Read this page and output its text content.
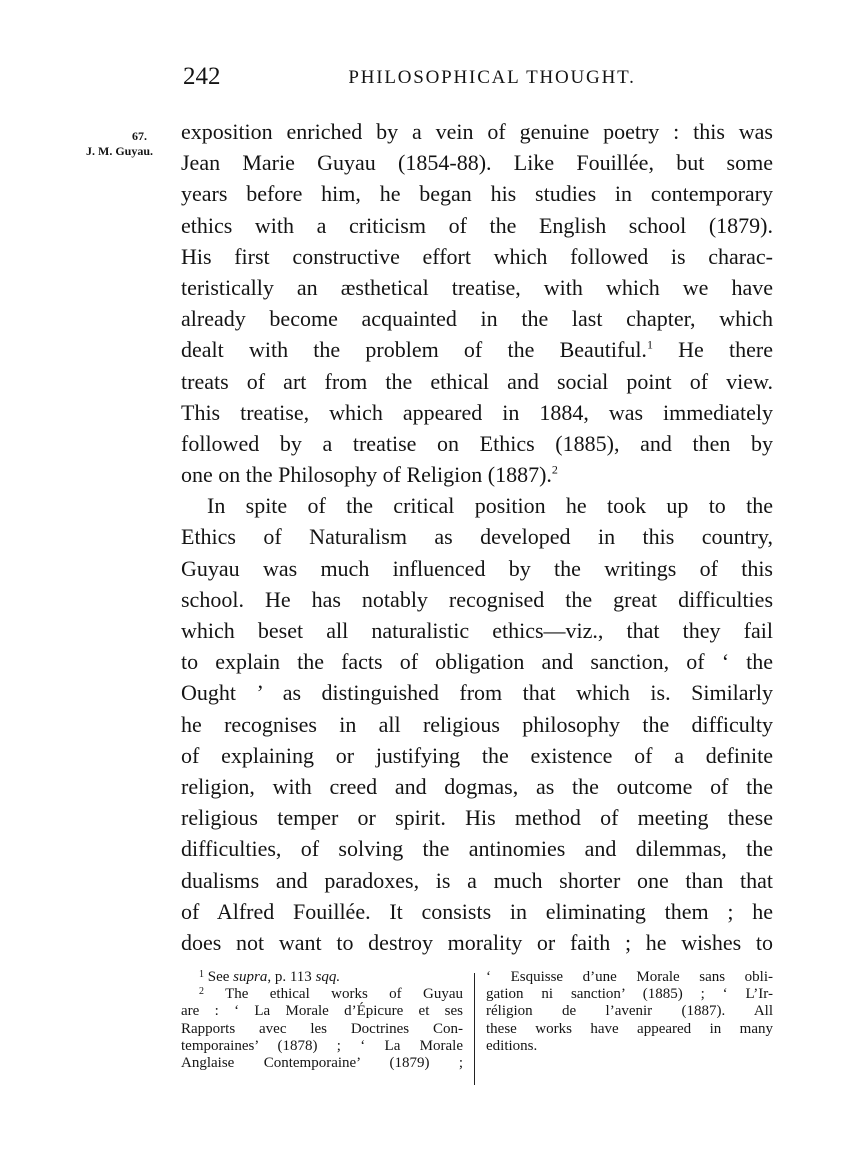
242	PHILOSOPHICAL THOUGHT.
67.
J. M. Guyau.
exposition enriched by a vein of genuine poetry : this was
Jean Marie Guyau (1854-88). Like Fouillée, but some
years before him, he began his studies in contemporary
ethics with a criticism of the English school (1879).
His first constructive effort which followed is charac-
teristically an æsthetical treatise, with which we have
already become acquainted in the last chapter, which
dealt with the problem of the Beautiful.$^1$ He there
treats of art from the ethical and social point of view.
This treatise, which appeared in 1884, was immediately
followed by a treatise on Ethics (1885), and then by
one on the Philosophy of Religion (1887).$^2$
In spite of the critical position he took up to the
Ethics of Naturalism as developed in this country,
Guyau was much influenced by the writings of this
school. He has notably recognised the great difficulties
which beset all naturalistic ethics—viz., that they fail
to explain the facts of obligation and sanction, of ‘ the
Ought ’ as distinguished from that which is. Similarly
he recognises in all religious philosophy the difficulty
of explaining or justifying the existence of a definite
religion, with creed and dogmas, as the outcome of the
religious temper or spirit. His method of meeting these
difficulties, of solving the antinomies and dilemmas, the
dualisms and paradoxes, is a much shorter one than that
of Alfred Fouillée. It consists in eliminating them ; he
does not want to destroy morality or faith ; he wishes to
$^1$ See supra, p. 113 sqq.
$^2$ The ethical works of Guyau
are : ‘ La Morale d’Épicure et ses
Rapports avec les Doctrines Con-
temporaines’ (1878) ; ‘ La Morale
Anglaise Contemporaine’ (1879) ;
‘ Esquisse d’une Morale sans obli-
gation ni sanction’ (1885) ; ‘ L’Ir-
réligion de l’avenir (1887). All
these works have appeared in many
editions.
